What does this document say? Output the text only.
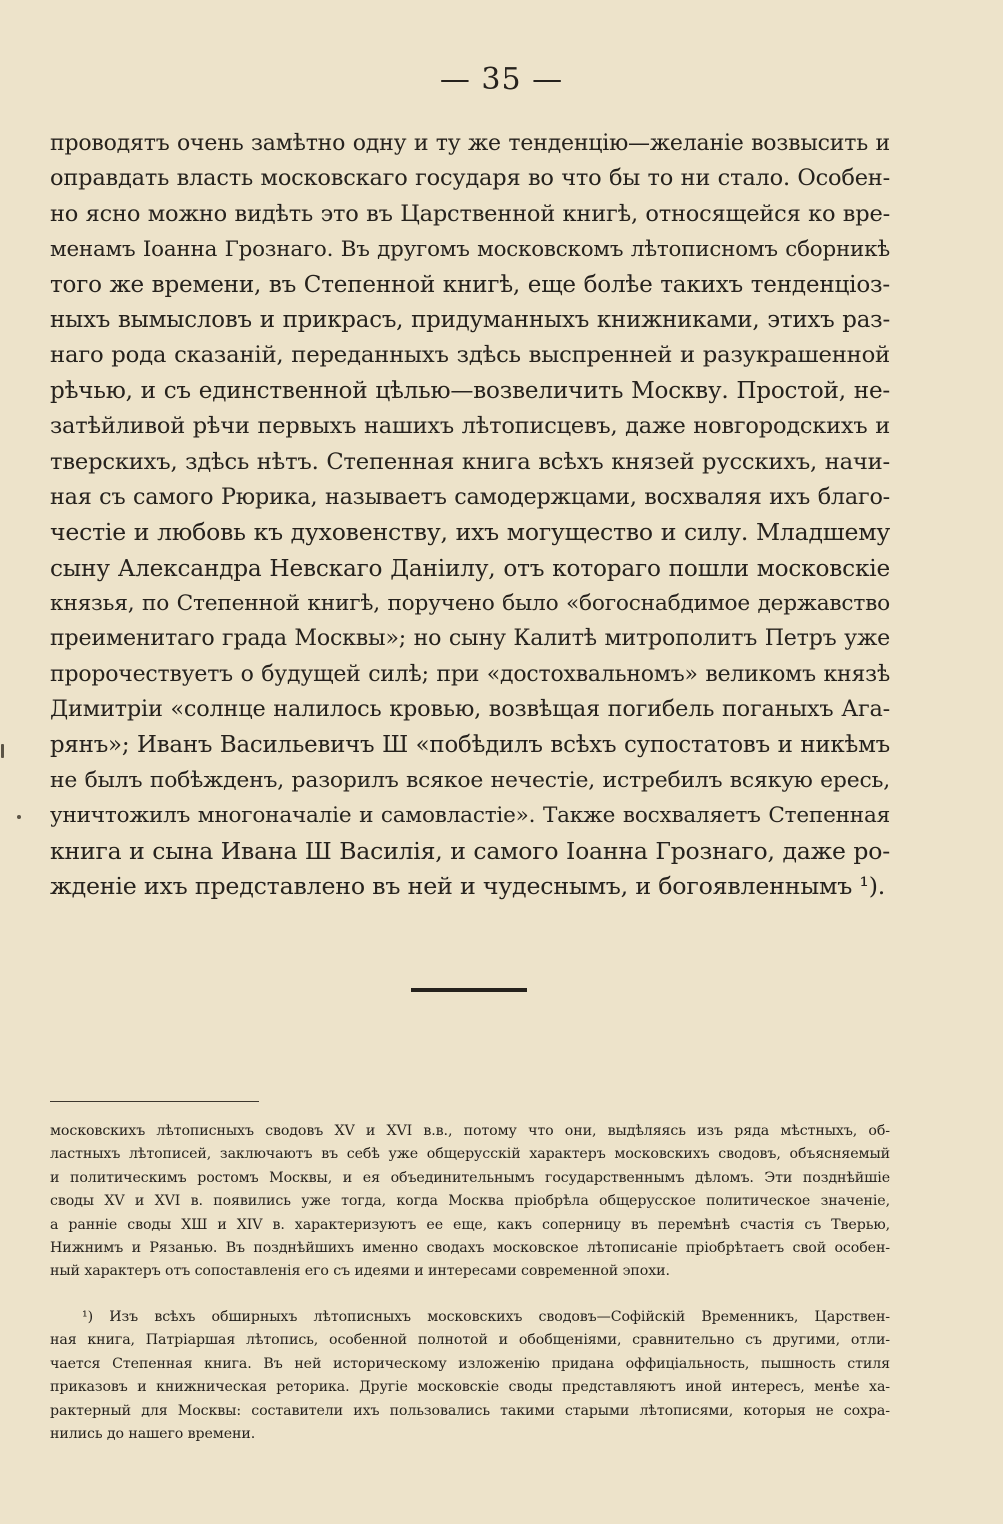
— 35 —
проводятъ очень замѣтно одну и ту же тенденцію—желаніе возвысить и
оправдать власть московскаго государя во что бы то ни стало. Особен-
но ясно можно видѣть это въ Царственной книгѣ, относящейся ко вре-
менамъ Іоанна Грознаго. Въ другомъ московскомъ лѣтописномъ сборникѣ
того же времени, въ Степенной книгѣ, еще болѣе такихъ тенденціоз-
ныхъ вымысловъ и прикрасъ, придуманныхъ книжниками, этихъ раз-
наго рода сказаній, переданныхъ здѣсь выспренней и разукрашенной
рѣчью, и съ единственной цѣлью—возвеличить Москву. Простой, не-
затѣйливой рѣчи первыхъ нашихъ лѣтописцевъ, даже новгородскихъ и
тверскихъ, здѣсь нѣтъ. Степенная книга всѣхъ князей русскихъ, начи-
ная съ самого Рюрика, называетъ самодержцами, восхваляя ихъ благо-
честіе и любовь къ духовенству, ихъ могущество и силу. Младшему
сыну Александра Невскаго Даніилу, отъ котораго пошли московскіе
князья, по Степенной книгѣ, поручено было «богоснабдимое державство
преименитаго града Москвы»; но сыну Калитѣ митрополитъ Петръ уже
пророчествуетъ о будущей силѣ; при «достохвальномъ» великомъ князѣ
Димитріи «солнце налилось кровью, возвѣщая погибель поганыхъ Ага-
рянъ»; Иванъ Васильевичъ Ш «побѣдилъ всѣхъ супостатовъ и никѣмъ
не былъ побѣжденъ, разорилъ всякое нечестіе, истребилъ всякую ересь,
уничтожилъ многоначаліе и самовластіе». Также восхваляетъ Степенная
книга и сына Ивана Ш Василія, и самого Іоанна Грознаго, даже ро-
жденіе ихъ представлено въ ней и чудеснымъ, и богоявленнымъ ¹).
московскихъ лѣтописныхъ сводовъ XV и XVI в.в., потому что они, выдѣляясь изъ ряда мѣстныхъ, об-
ластныхъ лѣтописей, заключаютъ въ себѣ уже общерусскій характеръ московскихъ сводовъ, объясняемый
и политическимъ ростомъ Москвы, и ея объединительнымъ государственнымъ дѣломъ. Эти позднѣйшіе
своды XV и XVI в. появились уже тогда, когда Москва пріобрѣла общерусское политическое значеніе,
а ранніе своды XШ и XIV в. характеризуютъ ее еще, какъ соперницу въ перемѣнѣ счастія съ Тверью,
Нижнимъ и Рязанью. Въ позднѣйшихъ именно сводахъ московское лѣтописаніе пріобрѣтаетъ свой особен-
ный характеръ отъ сопоставленія его съ идеями и интересами современной эпохи.
¹) Изъ всѣхъ обширныхъ лѣтописныхъ московскихъ сводовъ—Софійскій Временникъ, Царствен-
ная книга, Патріаршая лѣтопись, особенной полнотой и обобщеніями, сравнительно съ другими, отли-
чается Степенная книга. Въ ней историческому изложенію придана оффиціальность, пышность стиля
приказовъ и книжническая реторика. Другіе московскіе своды представляютъ иной интересъ, менѣе ха-
рактерный для Москвы: составители ихъ пользовались такими старыми лѣтописями, которыя не сохра-
нились до нашего времени.
